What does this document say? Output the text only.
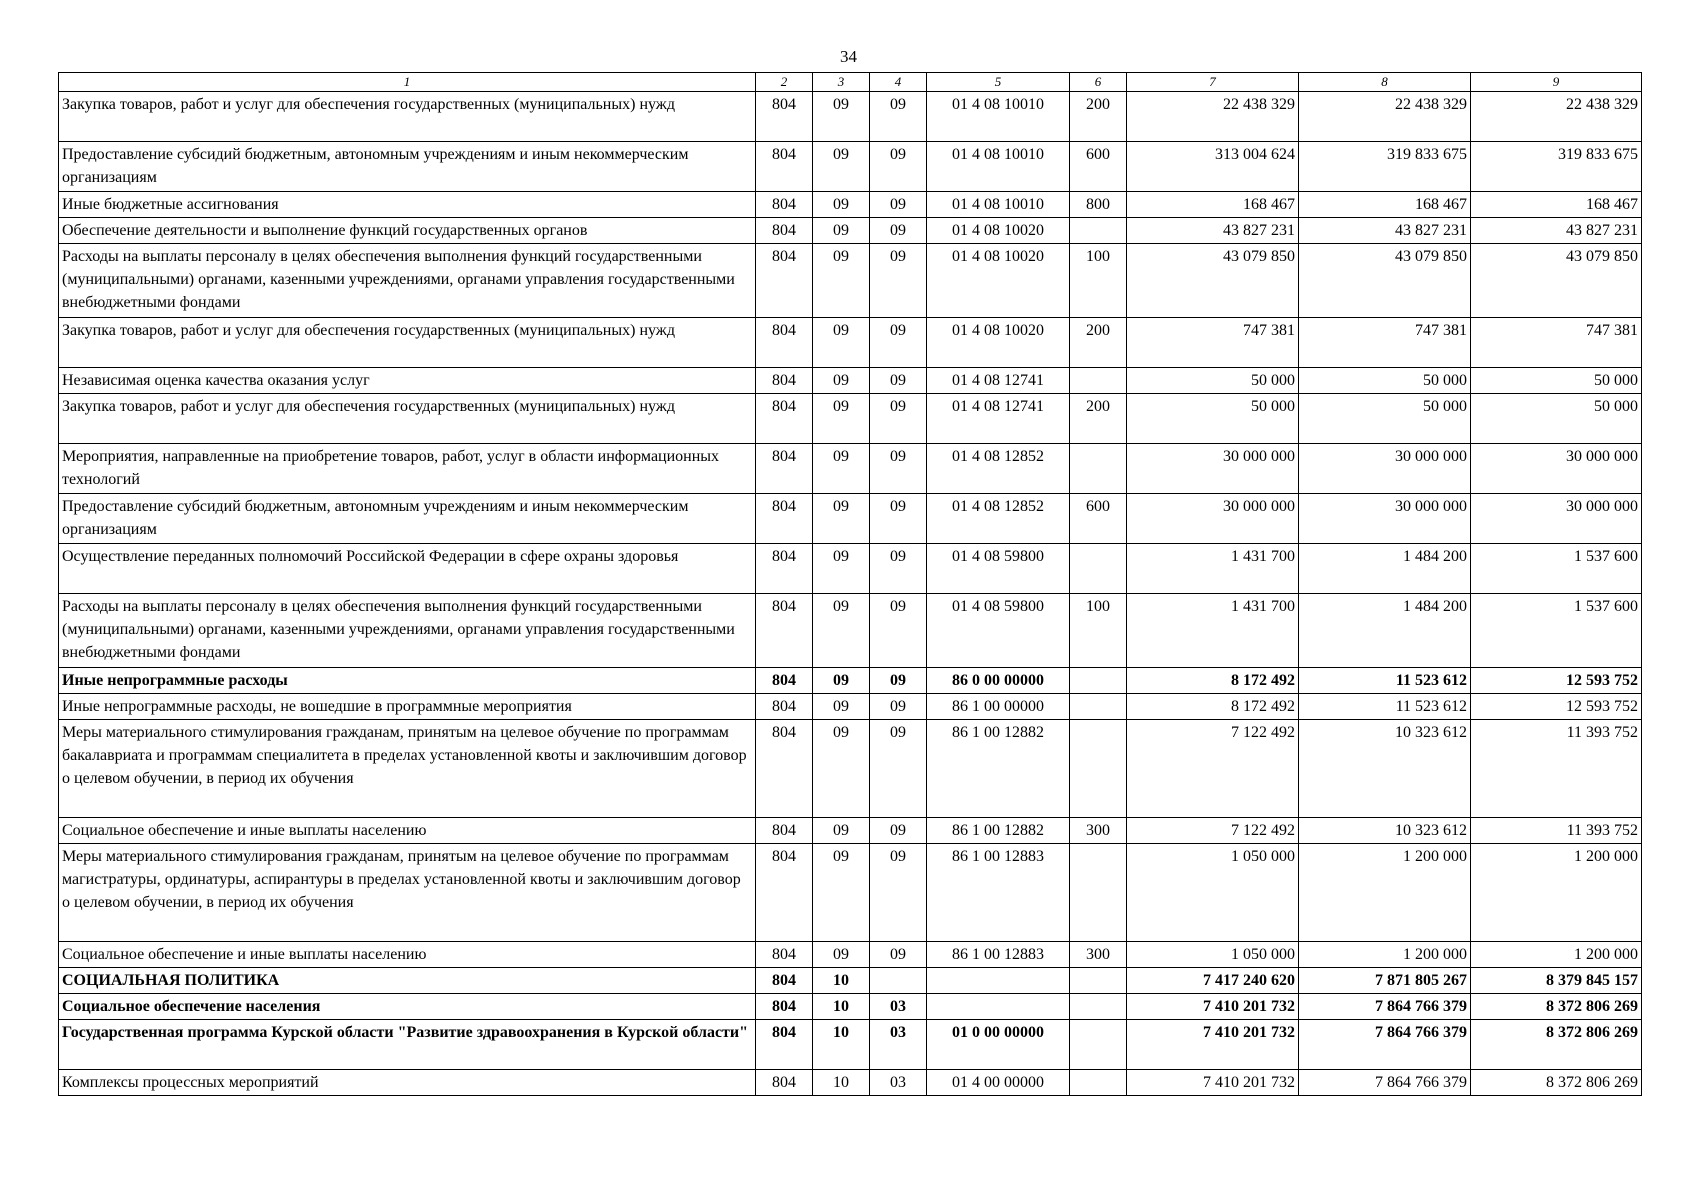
34
1	2	3	4	5	6	7	8	9
Закупка товаров, работ и услуг для обеспечения государственных (муниципальных) нужд	804	09	09	01 4 08 10010	200	22 438 329	22 438 329	22 438 329
Предоставление субсидий бюджетным, автономным учреждениям и иным некоммерческим организациям	804	09	09	01 4 08 10010	600	313 004 624	319 833 675	319 833 675
Иные бюджетные ассигнования	804	09	09	01 4 08 10010	800	168 467	168 467	168 467
Обеспечение деятельности и выполнение функций государственных органов	804	09	09	01 4 08 10020		43 827 231	43 827 231	43 827 231
Расходы на выплаты персоналу в целях обеспечения выполнения функций государственными (муниципальными) органами, казенными учреждениями, органами управления государственными внебюджетными фондами	804	09	09	01 4 08 10020	100	43 079 850	43 079 850	43 079 850
Закупка товаров, работ и услуг для обеспечения государственных (муниципальных) нужд	804	09	09	01 4 08 10020	200	747 381	747 381	747 381
Независимая оценка качества оказания услуг	804	09	09	01 4 08 12741		50 000	50 000	50 000
Закупка товаров, работ и услуг для обеспечения государственных (муниципальных) нужд	804	09	09	01 4 08 12741	200	50 000	50 000	50 000
Мероприятия, направленные на приобретение товаров, работ, услуг в области информационных технологий	804	09	09	01 4 08 12852		30 000 000	30 000 000	30 000 000
Предоставление субсидий бюджетным, автономным учреждениям и иным некоммерческим организациям	804	09	09	01 4 08 12852	600	30 000 000	30 000 000	30 000 000
Осуществление переданных полномочий Российской Федерации в сфере охраны здоровья	804	09	09	01 4 08 59800		1 431 700	1 484 200	1 537 600
Расходы на выплаты персоналу в целях обеспечения выполнения функций государственными (муниципальными) органами, казенными учреждениями, органами управления государственными внебюджетными фондами	804	09	09	01 4 08 59800	100	1 431 700	1 484 200	1 537 600
Иные непрограммные расходы	804	09	09	86 0 00 00000		8 172 492	11 523 612	12 593 752
Иные непрограммные расходы, не вошедшие в программные мероприятия	804	09	09	86 1 00 00000		8 172 492	11 523 612	12 593 752
Меры материального стимулирования гражданам, принятым на целевое обучение по программам бакалавриата и программам специалитета в пределах установленной квоты и заключившим договор о целевом обучении, в период их обучения	804	09	09	86 1 00 12882		7 122 492	10 323 612	11 393 752
Социальное обеспечение и иные выплаты населению	804	09	09	86 1 00 12882	300	7 122 492	10 323 612	11 393 752
Меры материального стимулирования гражданам, принятым на целевое обучение по программам магистратуры, ординатуры, аспирантуры в пределах установленной квоты и заключившим договор о целевом обучении, в период их обучения	804	09	09	86 1 00 12883		1 050 000	1 200 000	1 200 000
Социальное обеспечение и иные выплаты населению	804	09	09	86 1 00 12883	300	1 050 000	1 200 000	1 200 000
СОЦИАЛЬНАЯ ПОЛИТИКА	804	10				7 417 240 620	7 871 805 267	8 379 845 157
Социальное обеспечение населения	804	10	03			7 410 201 732	7 864 766 379	8 372 806 269
Государственная программа Курской области "Развитие здравоохранения в Курской области"	804	10	03	01 0 00 00000		7 410 201 732	7 864 766 379	8 372 806 269
Комплексы процессных мероприятий	804	10	03	01 4 00 00000		7 410 201 732	7 864 766 379	8 372 806 269
